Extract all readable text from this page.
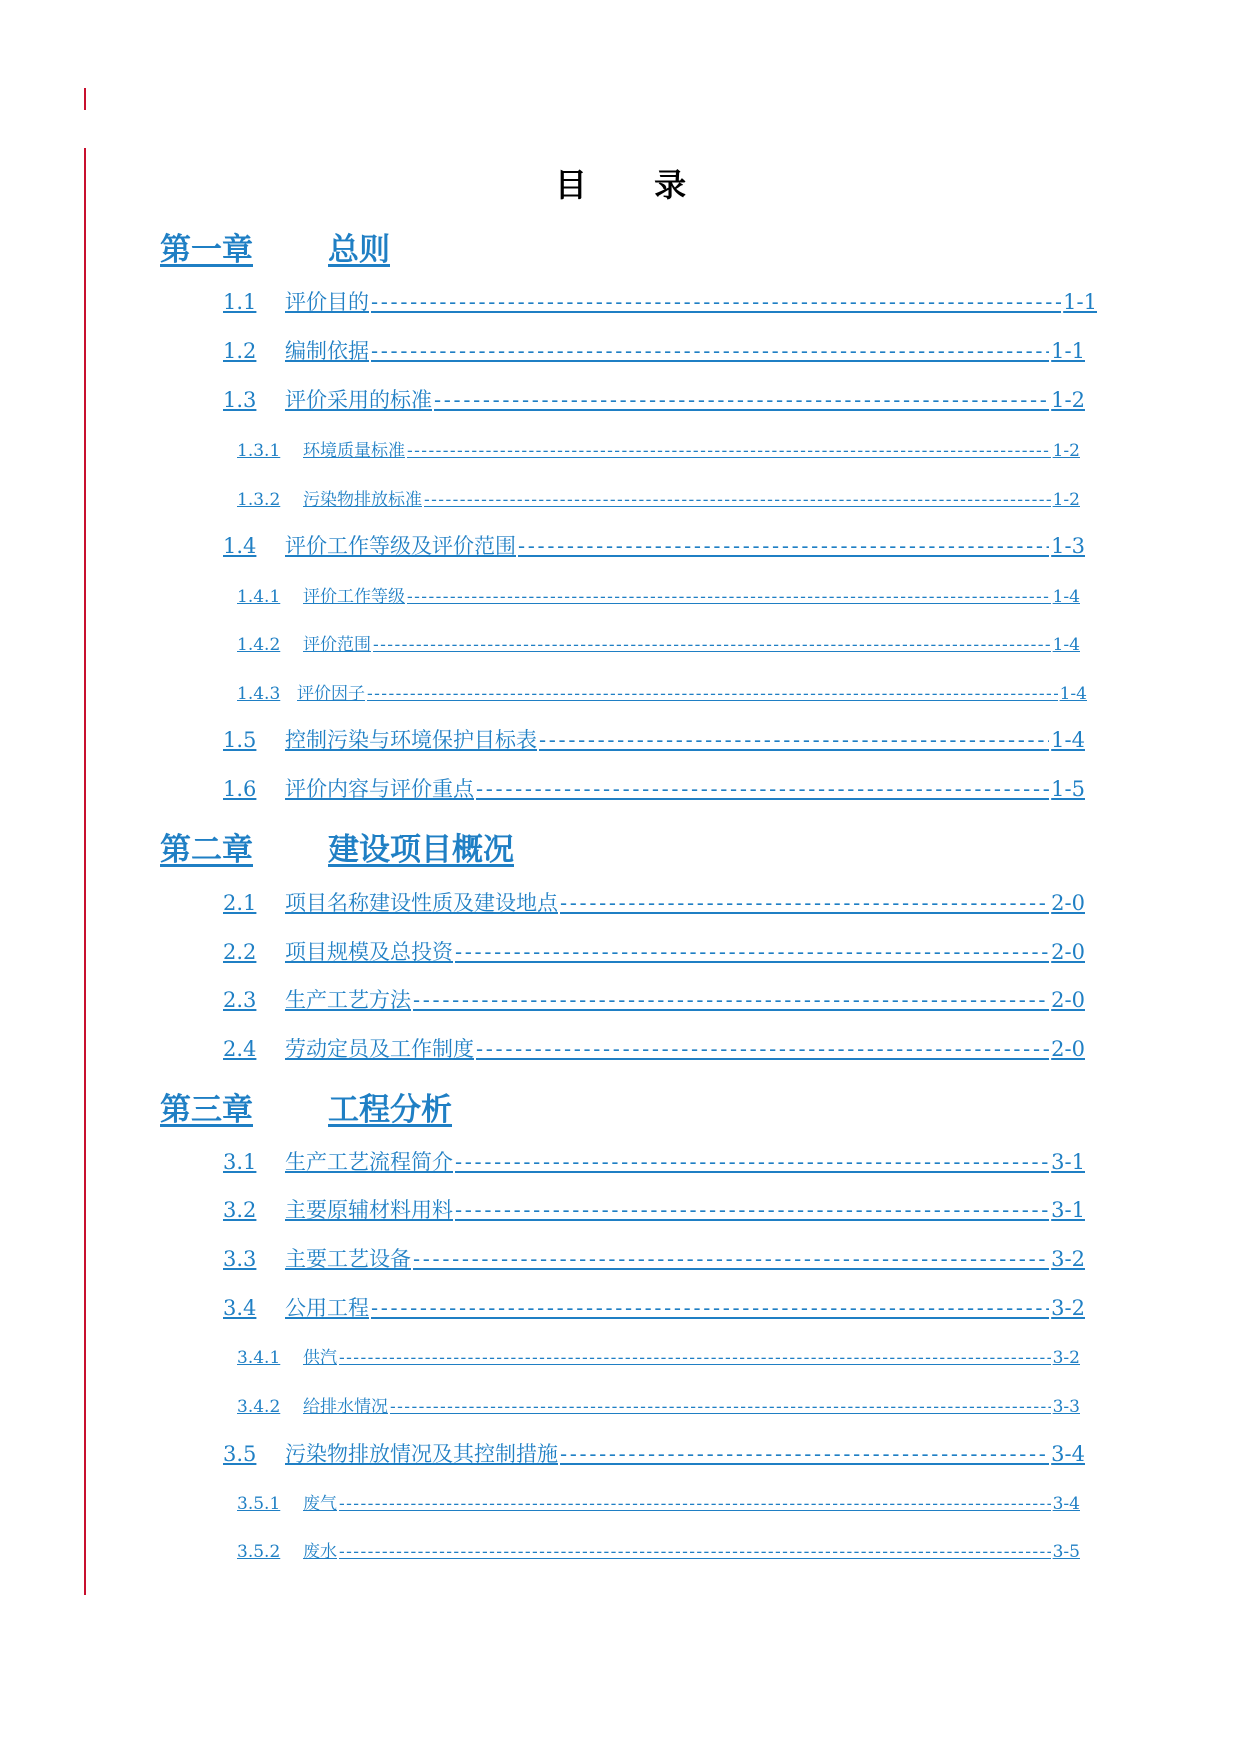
目 录
第一章	总则
1.1	评价目的 - - -	1-1
1.2	编制依据 - - -	1-1
1.3	评价采用的标准 - - -	1-2
1.3.1	环境质量标准 - - -	1-2
1.3.2	污染物排放标准 - - -	1-2
1.4	评价工作等级及评价范围 - - -	1-3
1.4.1	评价工作等级 - - -	1-4
1.4.2	评价范围 - - -	1-4
1.4.3 评价因子 - - -	1-4
1.5	控制污染与环境保护目标表 - - -	1-4
1.6	评价内容与评价重点 - - -	1-5
第二章	建设项目概况
2.1	项目名称建设性质及建设地点 - - -	2-0
2.2	项目规模及总投资 - - -	2-0
2.3	生产工艺方法 - - -	2-0
2.4	劳动定员及工作制度 - - -	2-0
第三章	工程分析
3.1	生产工艺流程简介 - - -	3-1
3.2	主要原辅材料用料 - - -	3-1
3.3	主要工艺设备 - - -	3-2
3.4	公用工程 - - -	3-2
3.4.1	供汽 - - -	3-2
3.4.2	给排水情况 - - -	3-3
3.5	污染物排放情况及其控制措施 - - -	3-4
3.5.1	废气 - - -	3-4
3.5.2	废水 - - -	3-5
